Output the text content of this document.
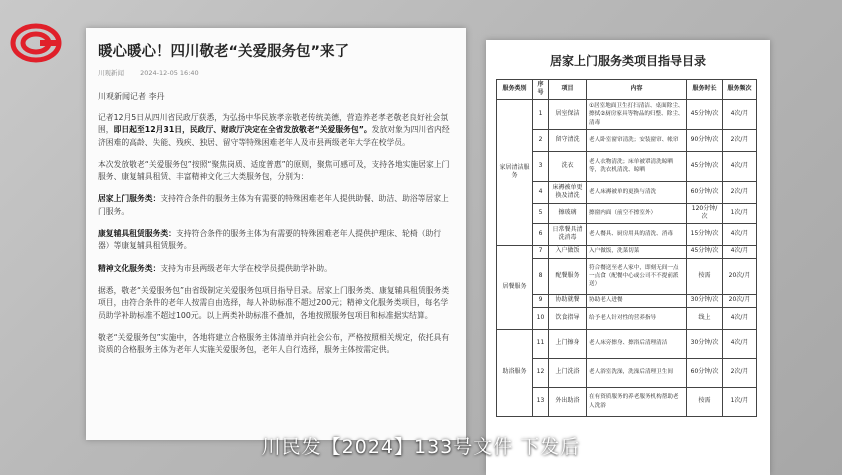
暖心暖心！四川敬老“关爱服务包”来了
川观新闻 2024-12-05 16:40
川观新闻记者 李丹

记者12月5日从四川省民政厅获悉，为弘扬中华民族孝亲敬老传统美德，营造养老孝老敬老良好社会氛围，即日起至12月31日，民政厅、财政厅决定在全省发放敬老“关爱服务包”。发放对象为四川省内经济困难的高龄、失能、残疾、独居、留守等特殊困难老年人及市县两级老年大学在校学员。

本次发放敬老“关爱服务包”按照“聚焦岗质、适度普惠”的原则，聚焦可感可及，支持各地实施居家上门服务、康复辅具租赁、丰富精神文化三大类服务包，分别为：

居家上门服务类：支持符合条件的服务主体为有需要的特殊困难老年人提供助餐、助洁、助浴等居家上门服务。

康复辅具租赁服务类：支持符合条件的服务主体为有需要的特殊困难老年人提供护理床、轮椅（助行器）等康复辅具租赁服务。

精神文化服务类：支持为市县两级老年大学在校学员提供助学补助。

据悉，敬老“关爱服务包”由省级制定关爱服务包项目指导目录。居家上门服务类、康复辅具租赁服务类项目，由符合条件的老年人按需自由选择，每人补助标准不超过200元；精神文化服务类项目，每名学员助学补助标准不超过100元。以上两类补助标准不叠加，各地按照服务包项目和标准据实结算。

敬老“关爱服务包”实施中，各地将建立合格服务主体清单并向社会公布，严格按照相关规定，依托具有资质的合格服务主体为老年人实施关爱服务包，老年人自行选择，服务主体按需定供。

居家上门服务类项目指导目录
服务类别	序号	项目	内容	服务时长	服务频次
家居清洁服务	1	居室保洁	①居室地面卫生打扫清洁、桌面除尘、擦拭②厨房家具等物品的归整、除尘、清毒	45分钟/次	4次/月
	2	留守清洗	老人卧室窗帘清洗；安装窗帘、帐帘	90分钟/次	2次/月
	3	洗衣	老人衣物清洗；床单被罩清洗晾晒等，洗衣机清洗、晾晒	45分钟/次	4次/月
	4	床褥被单更换及清洗	老人床褥被单的更换与清洗	60分钟/次	2次/月
	5	擦玻璃	擦窗内面（前空不擦室外）	120分钟/次	1次/月
	6	日常餐具清洗消毒	老人餐具、厨房用具的清洗、消毒	15分钟/次	4次/月
居餐服务	7	入户做饭	入户做饭，洗菜切菜	45分钟/次	4次/月
	8	配餐服务	符合餐送至老人家中，即刻无间一点一点食（配餐中心或公司不不提前派送）	按需	20次/月
	9	协助就餐	协助老人进餐	30分钟/次	20次/月
	10	饮食指导	给予老人针对性的营养指导	线上	4次/月
助浴服务	11	上门擦身	老人床旁擦身、擦浴后清理清洁	30分钟/次	4次/月
	12	上门洗浴	老人浴室洗澡，洗澡后清理卫生间	60分钟/次	2次/月
	13	外出助浴	在有资质服务的养老服务机构帮助老人洗浴	按需	1次/月
川民发【2024】133号文件 下发后
